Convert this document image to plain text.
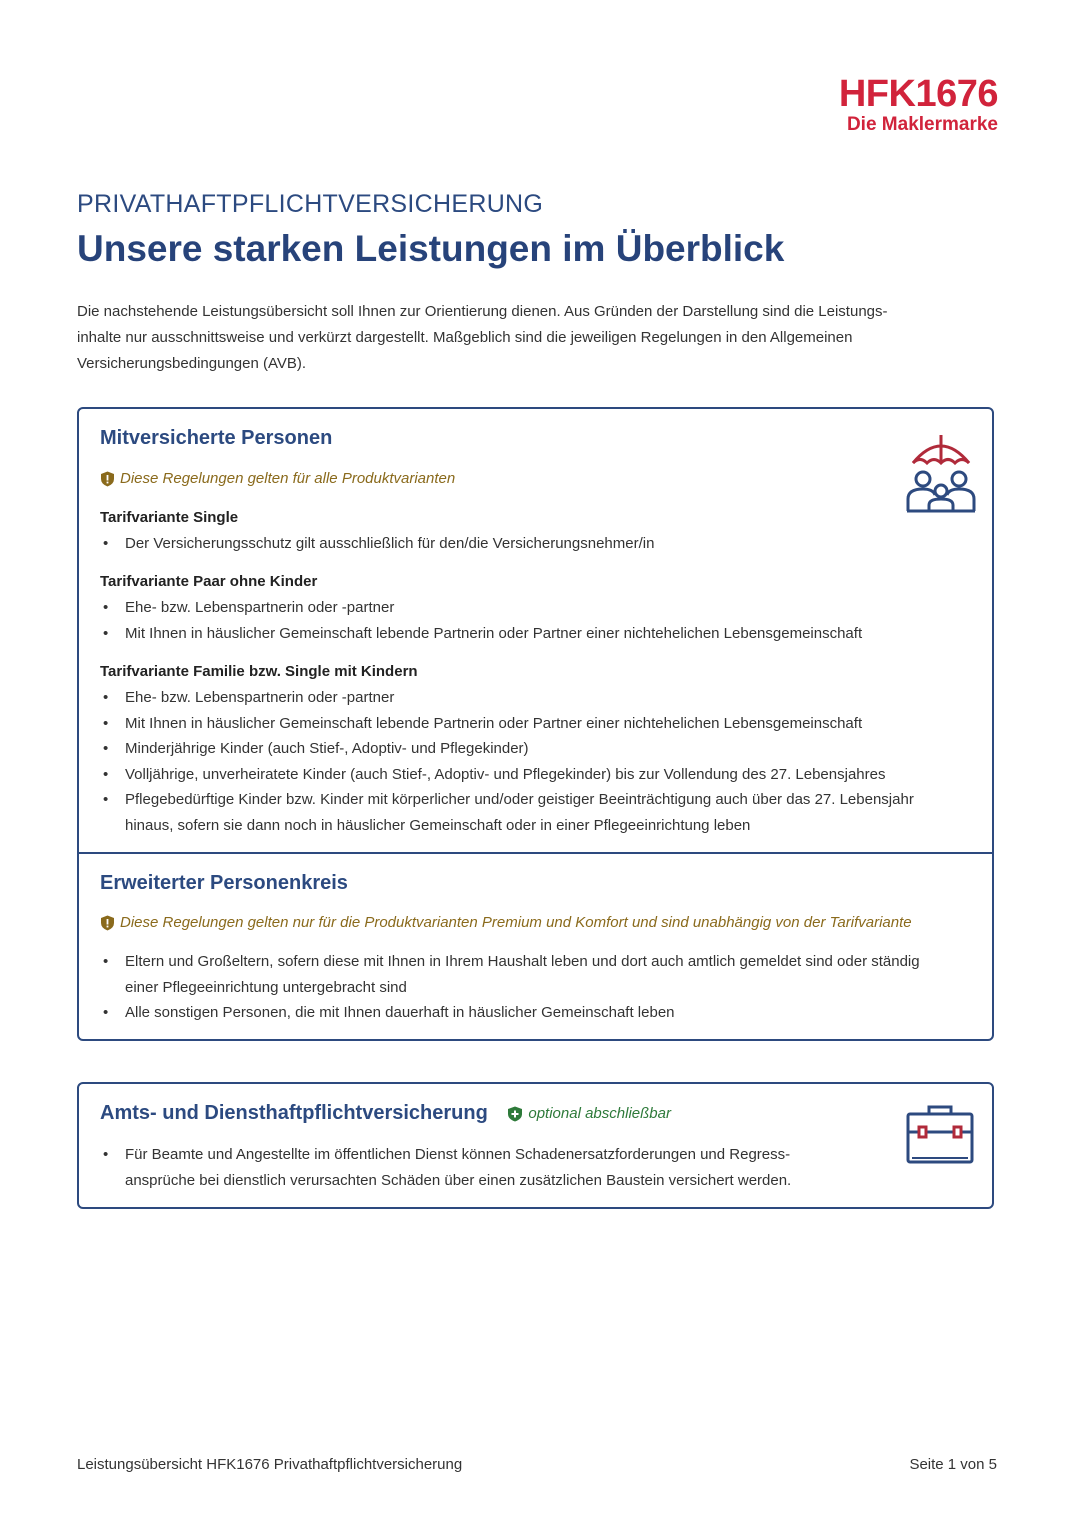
HFK1676
Die Maklermarke
PRIVATHAFTPFLICHTVERSICHERUNG
Unsere starken Leistungen im Überblick

Die nachstehende Leistungsübersicht soll Ihnen zur Orientierung dienen. Aus Gründen der Darstellung sind die Leistungs-
inhalte nur ausschnittsweise und verkürzt dargestellt. Maßgeblich sind die jeweiligen Regelungen in den Allgemeinen
Versicherungsbedingungen (AVB).

Mitversicherte Personen
Diese Regelungen gelten für alle Produktvarianten
Tarifvariante Single
• Der Versicherungsschutz gilt ausschließlich für den/die Versicherungsnehmer/in
Tarifvariante Paar ohne Kinder
• Ehe- bzw. Lebenspartnerin oder -partner
• Mit Ihnen in häuslicher Gemeinschaft lebende Partnerin oder Partner einer nichtehelichen Lebensgemeinschaft
Tarifvariante Familie bzw. Single mit Kindern
• Ehe- bzw. Lebenspartnerin oder -partner
• Mit Ihnen in häuslicher Gemeinschaft lebende Partnerin oder Partner einer nichtehelichen Lebensgemeinschaft
• Minderjährige Kinder (auch Stief-, Adoptiv- und Pflegekinder)
• Volljährige, unverheiratete Kinder (auch Stief-, Adoptiv- und Pflegekinder) bis zur Vollendung des 27. Lebensjahres
• Pflegebedürftige Kinder bzw. Kinder mit körperlicher und/oder geistiger Beeinträchtigung auch über das 27. Lebensjahr
hinaus, sofern sie dann noch in häuslicher Gemeinschaft oder in einer Pflegeeinrichtung leben
Erweiterter Personenkreis
Diese Regelungen gelten nur für die Produktvarianten Premium und Komfort und sind unabhängig von der Tarifvariante
• Eltern und Großeltern, sofern diese mit Ihnen in Ihrem Haushalt leben und dort auch amtlich gemeldet sind oder ständig
einer Pflegeeinrichtung untergebracht sind
• Alle sonstigen Personen, die mit Ihnen dauerhaft in häuslicher Gemeinschaft leben
Amts- und Diensthaftpflichtversicherung	optional abschließbar
• Für Beamte und Angestellte im öffentlichen Dienst können Schadenersatzforderungen und Regress-
ansprüche bei dienstlich verursachten Schäden über einen zusätzlichen Baustein versichert werden.
Leistungsübersicht HFK1676 Privathaftpflichtversicherung	Seite 1 von 5
